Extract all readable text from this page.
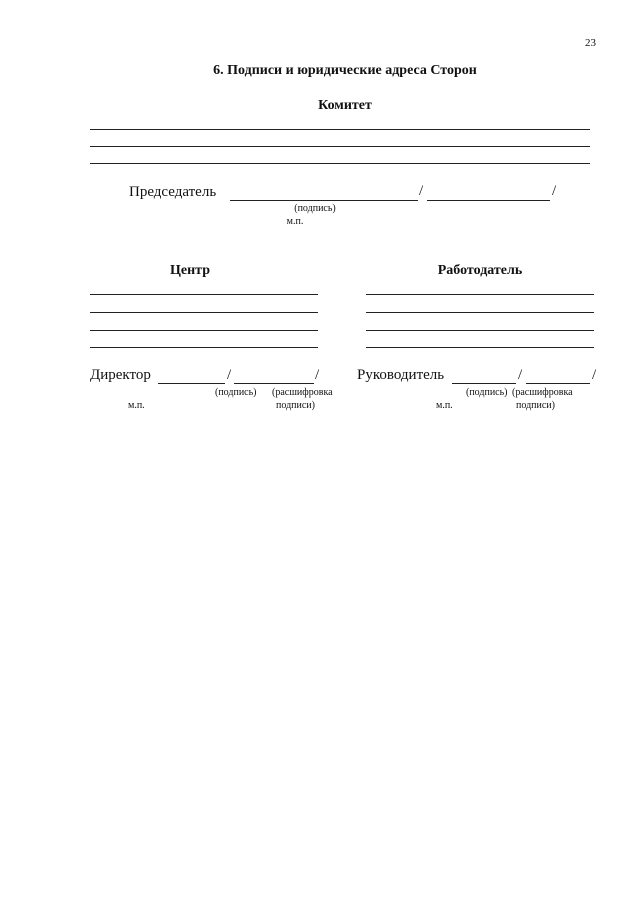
23
6. Подписи и юридические адреса Сторон
Комитет
Председатель	/	/
(подпись)
м.п.
Центр
Директор	/	/
(подпись) (расшифровка
м.п.	подписи)
Работодатель
Руководитель	/	/
(подпись) (расшифровка
м.п.	подписи)
